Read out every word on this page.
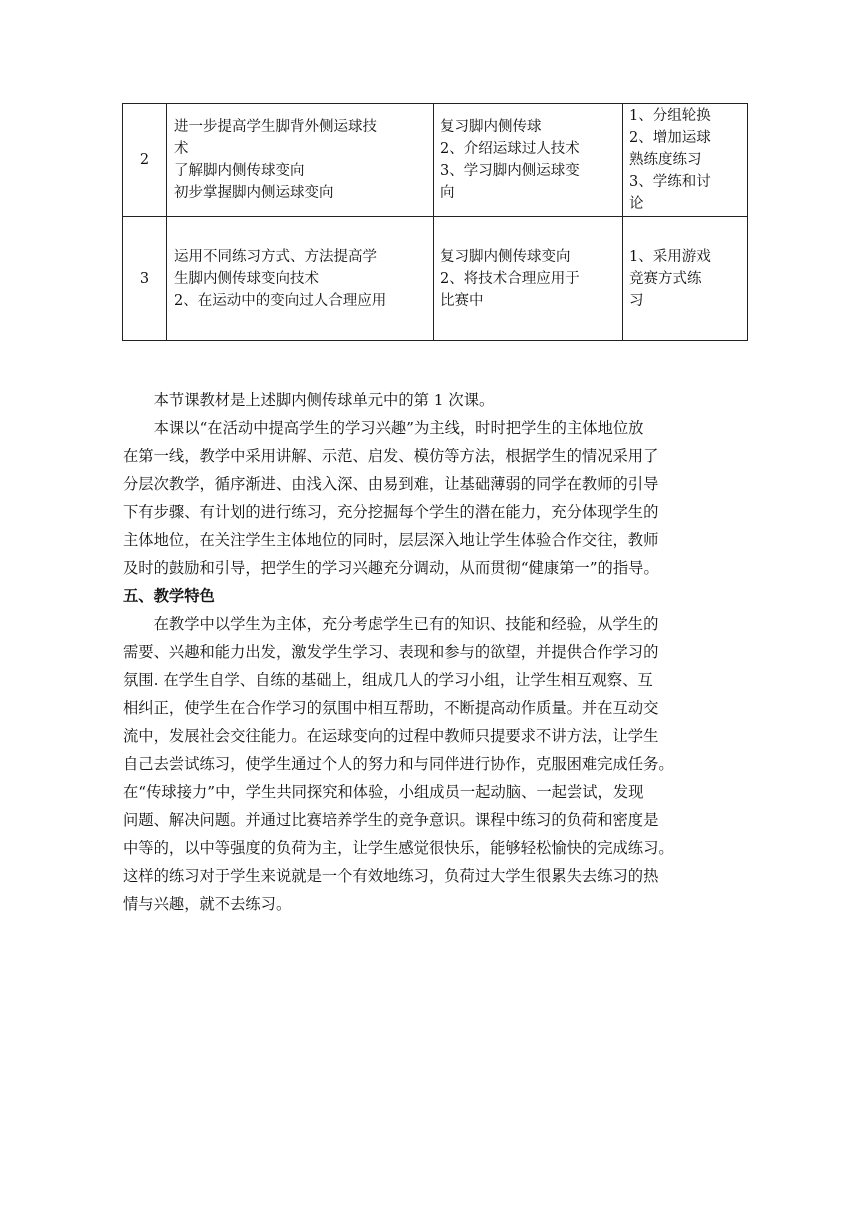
2	进一步提高学生脚背外侧运球技
术
了解脚内侧传球变向
初步掌握脚内侧运球变向	复习脚内侧传球
2、介绍运球过人技术
3、学习脚内侧运球变
向	1、分组轮换
2、增加运球
熟练度练习
3、学练和讨
论

3	运用不同练习方式、方法提高学
生脚内侧传球变向技术
2、在运动中的变向过人合理应用	复习脚内侧传球变向
2、将技术合理应用于
比赛中	1、采用游戏
竞赛方式练
习

本节课教材是上述脚内侧传球单元中的第 1 次课。

本课以“在活动中提高学生的学习兴趣”为主线，时时把学生的主体地位放
在第一线，教学中采用讲解、示范、启发、模仿等方法，根据学生的情况采用了
分层次教学，循序渐进、由浅入深、由易到难，让基础薄弱的同学在教师的引导
下有步骤、有计划的进行练习，充分挖掘每个学生的潜在能力，充分体现学生的
主体地位，在关注学生主体地位的同时，层层深入地让学生体验合作交往，教师
及时的鼓励和引导，把学生的学习兴趣充分调动，从而贯彻“健康第一”的指导。

五、教学特色

在教学中以学生为主体，充分考虑学生已有的知识、技能和经验，从学生的
需要、兴趣和能力出发，激发学生学习、表现和参与的欲望，并提供合作学习的
氛围. 在学生自学、自练的基础上，组成几人的学习小组，让学生相互观察、互
相纠正，使学生在合作学习的氛围中相互帮助，不断提高动作质量。并在互动交
流中，发展社会交往能力。在运球变向的过程中教师只提要求不讲方法，让学生
自己去尝试练习，使学生通过个人的努力和与同伴进行协作，克服困难完成任务。
在“传球接力”中，学生共同探究和体验，小组成员一起动脑、一起尝试，发现
问题、解决问题。并通过比赛培养学生的竞争意识。课程中练习的负荷和密度是
中等的，以中等强度的负荷为主，让学生感觉很快乐，能够轻松愉快的完成练习。
这样的练习对于学生来说就是一个有效地练习，负荷过大学生很累失去练习的热
情与兴趣，就不去练习。
